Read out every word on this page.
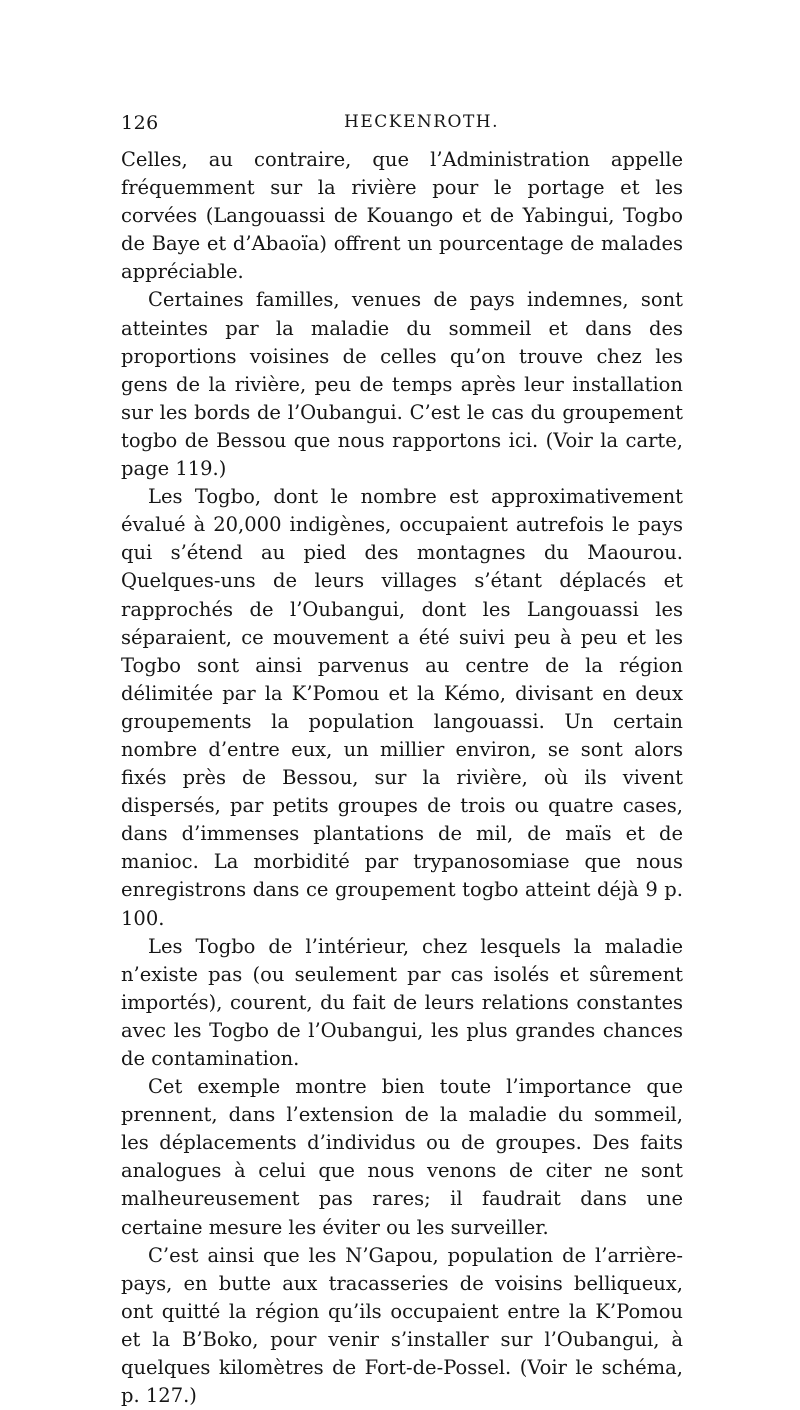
126	HECKENROTH.

Celles, au contraire, que l’Administration appelle fréquemment sur la rivière pour le portage et les corvées (Langouassi de Kouango et de Yabingui, Togbo de Baye et d’Abaoïa) offrent un pourcentage de malades appréciable.

Certaines familles, venues de pays indemnes, sont atteintes par la maladie du sommeil et dans des proportions voisines de celles qu’on trouve chez les gens de la rivière, peu de temps après leur installation sur les bords de l’Oubangui. C’est le cas du groupement togbo de Bessou que nous rapportons ici. (Voir la carte, page 119.)

Les Togbo, dont le nombre est approximativement évalué à 20,000 indigènes, occupaient autrefois le pays qui s’étend au pied des montagnes du Maourou. Quelques-uns de leurs villages s’étant déplacés et rapprochés de l’Oubangui, dont les Langouassi les séparaient, ce mouvement a été suivi peu à peu et les Togbo sont ainsi parvenus au centre de la région délimitée par la K’Pomou et la Kémo, divisant en deux groupements la population langouassi. Un certain nombre d’entre eux, un millier environ, se sont alors fixés près de Bessou, sur la rivière, où ils vivent dispersés, par petits groupes de trois ou quatre cases, dans d’immenses plantations de mil, de maïs et de manioc. La morbidité par trypanosomiase que nous enregistrons dans ce groupement togbo atteint déjà 9 p. 100.

Les Togbo de l’intérieur, chez lesquels la maladie n’existe pas (ou seulement par cas isolés et sûrement importés), courent, du fait de leurs relations constantes avec les Togbo de l’Oubangui, les plus grandes chances de contamination.

Cet exemple montre bien toute l’importance que prennent, dans l’extension de la maladie du sommeil, les déplacements d’individus ou de groupes. Des faits analogues à celui que nous venons de citer ne sont malheureusement pas rares; il faudrait dans une certaine mesure les éviter ou les surveiller.

C’est ainsi que les N’Gapou, population de l’arrière-pays, en butte aux tracasseries de voisins belliqueux, ont quitté la région qu’ils occupaient entre la K’Pomou et la B’Boko, pour venir s’installer sur l’Oubangui, à quelques kilomètres de Fort-de-Possel. (Voir le schéma, p. 127.)
